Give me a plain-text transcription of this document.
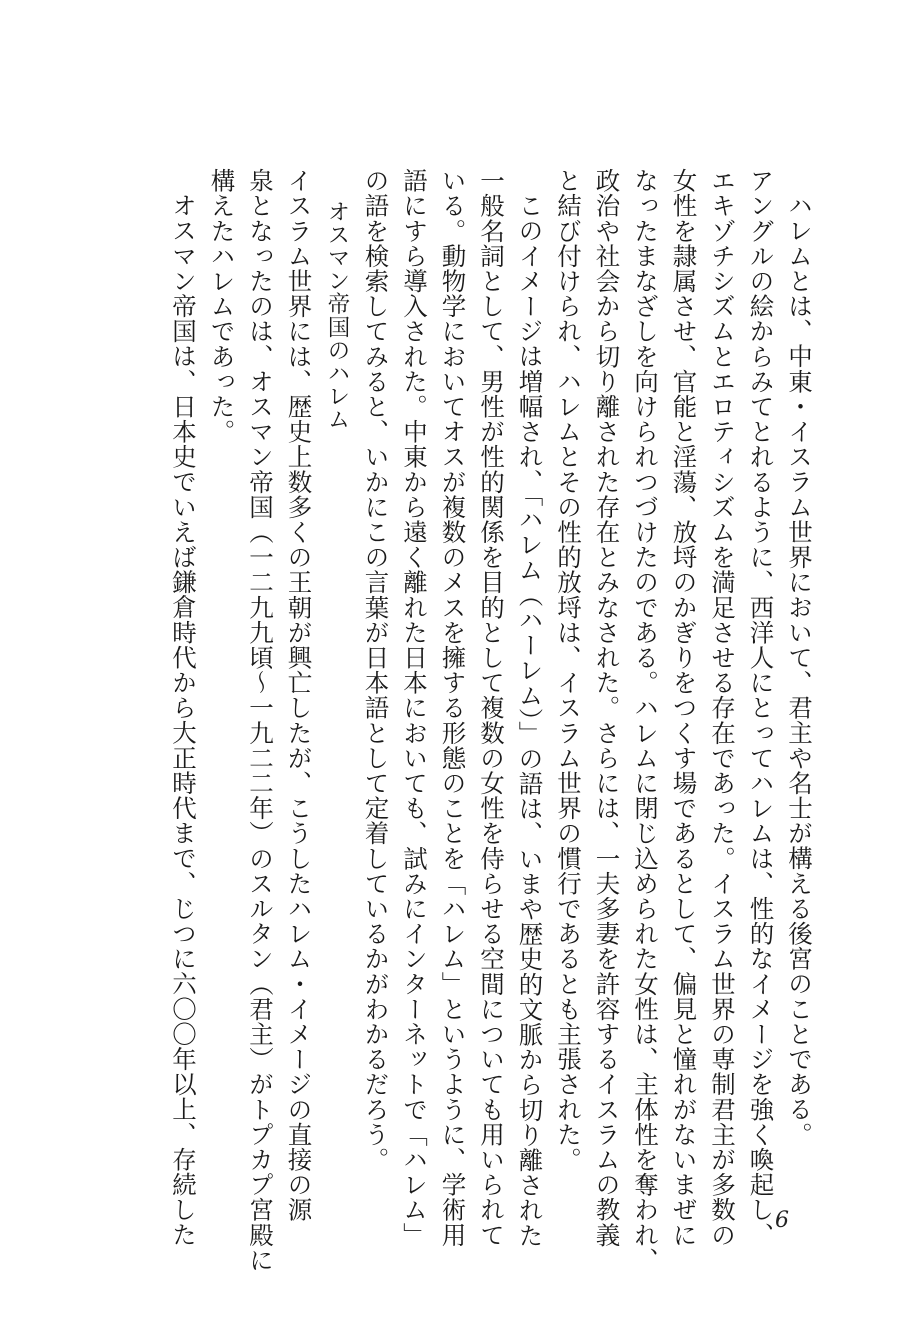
ハレムとは、中東・イスラム世界において、君主や名士が構える後宮のことである。
アングルの絵からみてとれるように、西洋人にとってハレムは、性的なイメージを強く喚起し、
エキゾチシズムとエロティシズムを満足させる存在であった。イスラム世界の専制君主が多数の
女性を隷属させ、官能と淫蕩、放埒のかぎりをつくす場であるとして、偏見と憧れがないまぜに
なったまなざしを向けられつづけたのである。ハレムに閉じ込められた女性は、主体性を奪われ、
政治や社会から切り離された存在とみなされた。さらには、一夫多妻を許容するイスラムの教義
と結び付けられ、ハレムとその性的放埒は、イスラム世界の慣行であるとも主張された。

このイメージは増幅され、「ハレム（ハーレム）」の語は、いまや歴史的文脈から切り離された
一般名詞として、男性が性的関係を目的として複数の女性を侍らせる空間についても用いられて
いる。動物学においてオスが複数のメスを擁する形態のことを「ハレム」というように、学術用
語にすら導入された。中東から遠く離れた日本においても、試みにインターネットで「ハレム」
の語を検索してみると、いかにこの言葉が日本語として定着しているかがわかるだろう。

オスマン帝国のハレム

イスラム世界には、歴史上数多くの王朝が興亡したが、こうしたハレム・イメージの直接の源
泉となったのは、オスマン帝国（一二九九頃〜一九二二年）のスルタン（君主）がトプカプ宮殿に
構えたハレムであった。

オスマン帝国は、日本史でいえば鎌倉時代から大正時代まで、じつに六〇〇年以上、存続した	6
